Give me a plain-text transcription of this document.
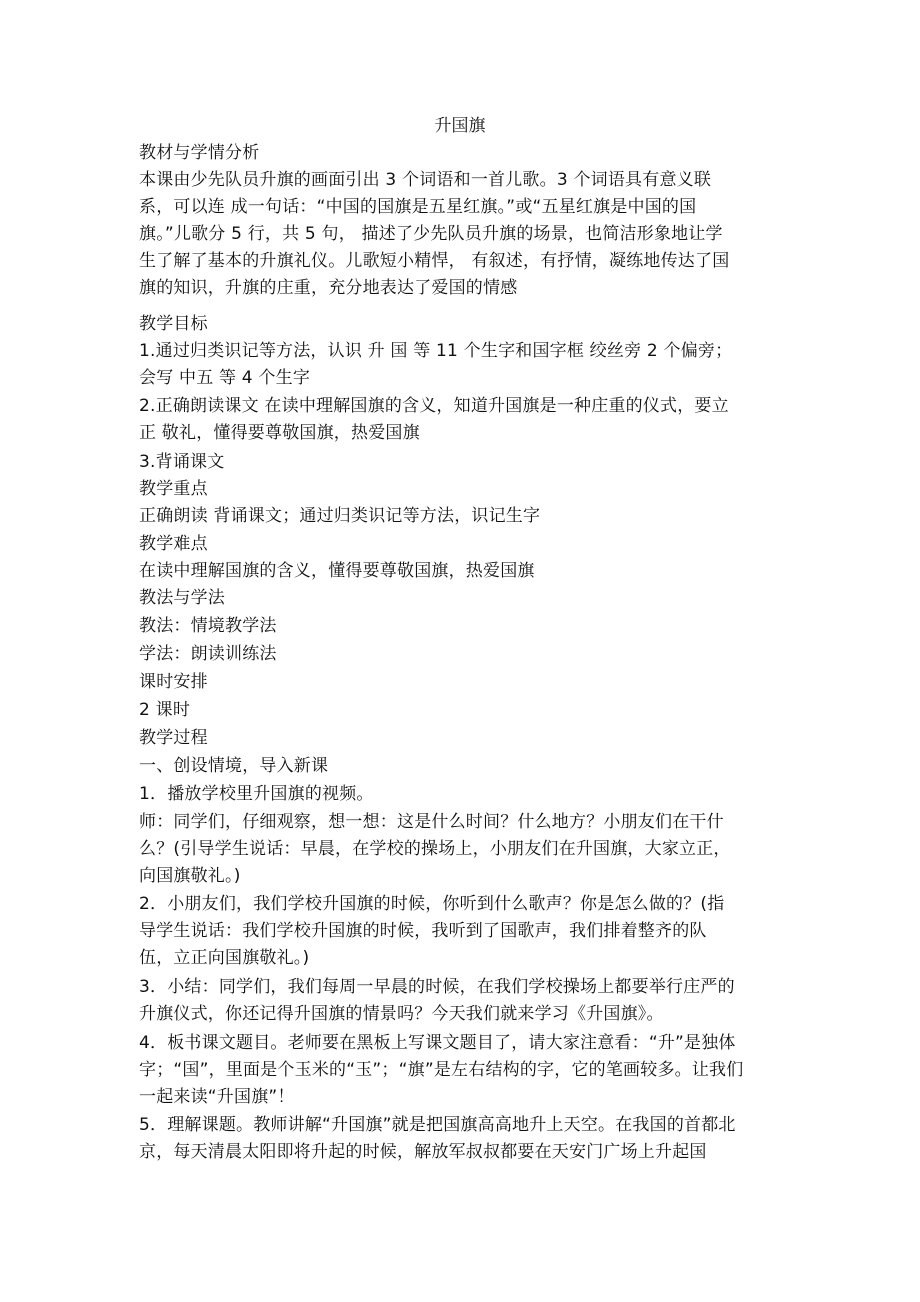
升国旗
教材与学情分析
本课由少先队员升旗的画面引出 3 个词语和一首儿歌。3 个词语具有意义联
系，可以连 成一句话：“中国的国旗是五星红旗。”或“五星红旗是中国的国
旗。”儿歌分 5 行，共 5 句， 描述了少先队员升旗的场景，也简洁形象地让学
生了解了基本的升旗礼仪。儿歌短小精悍， 有叙述，有抒情，凝练地传达了国
旗的知识，升旗的庄重，充分地表达了爱国的情感
教学目标
1.通过归类识记等方法，认识 升 国 等 11 个生字和国字框 绞丝旁 2 个偏旁；
会写 中五 等 4 个生字
2.正确朗读课文 在读中理解国旗的含义，知道升国旗是一种庄重的仪式，要立
正 敬礼，懂得要尊敬国旗，热爱国旗
3.背诵课文
教学重点
正确朗读 背诵课文；通过归类识记等方法，识记生字
教学难点
在读中理解国旗的含义，懂得要尊敬国旗，热爱国旗
教法与学法
教法：情境教学法
学法：朗读训练法
课时安排
2 课时
教学过程
一、创设情境，导入新课
1．播放学校里升国旗的视频。
师：同学们，仔细观察，想一想：这是什么时间？什么地方？小朋友们在干什
么？(引导学生说话：早晨，在学校的操场上，小朋友们在升国旗，大家立正，
向国旗敬礼。)
2．小朋友们，我们学校升国旗的时候，你听到什么歌声？你是怎么做的？(指
导学生说话：我们学校升国旗的时候，我听到了国歌声，我们排着整齐的队
伍，立正向国旗敬礼。)
3．小结：同学们，我们每周一早晨的时候，在我们学校操场上都要举行庄严的
升旗仪式，你还记得升国旗的情景吗？今天我们就来学习《升国旗》。
4．板书课文题目。老师要在黑板上写课文题目了，请大家注意看：“升”是独体
字；“国”，里面是个玉米的“玉”；“旗”是左右结构的字，它的笔画较多。让我们
一起来读“升国旗”！
5．理解课题。教师讲解“升国旗”就是把国旗高高地升上天空。在我国的首都北
京，每天清晨太阳即将升起的时候，解放军叔叔都要在天安门广场上升起国
